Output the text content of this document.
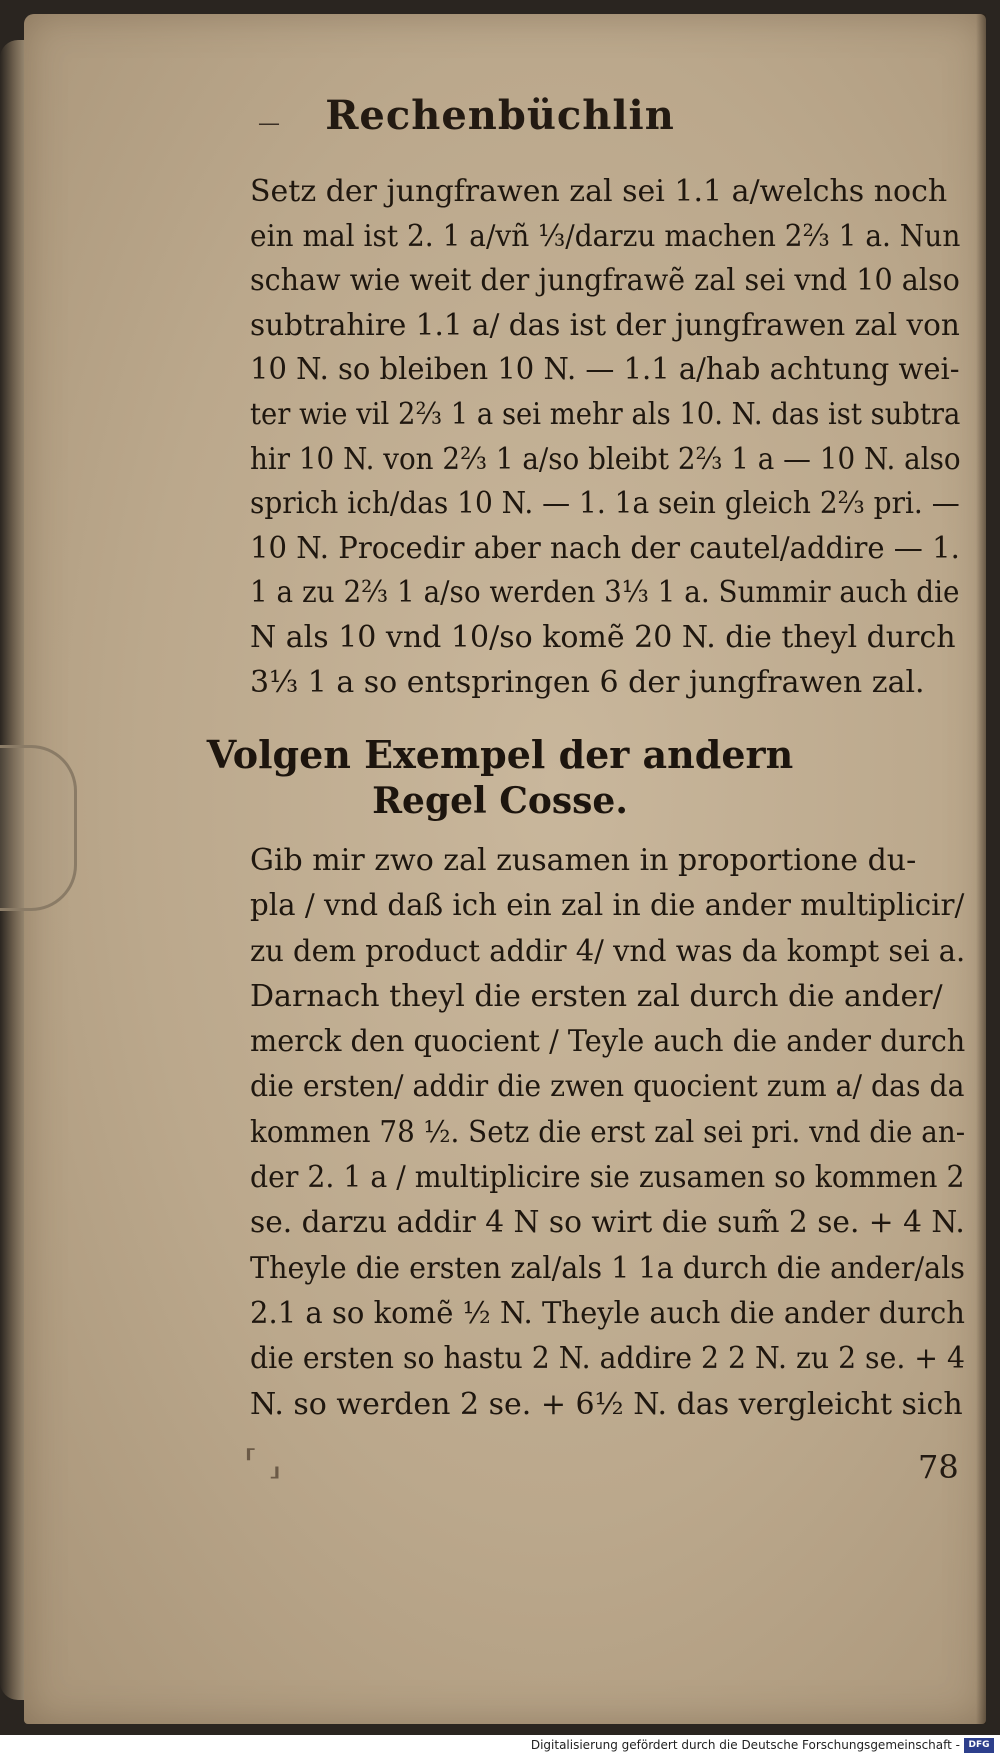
—	Rechenbüchlin
Setz der jungfrawen zal sei 1.1 a/welchs noch
ein mal ist 2. 1 a/vñ ⅓/darzu machen 2⅔ 1 a. Nun
schaw wie weit der jungfrawẽ zal sei vnd 10 also
subtrahire 1.1 a/ das ist der jungfrawen zal von
10 N. so bleiben 10 N. — 1.1 a/hab achtung wei-
ter wie vil 2⅔ 1 a sei mehr als 10. N. das ist subtra
hir 10 N. von 2⅔ 1 a/so bleibt 2⅔ 1 a — 10 N. also
sprich ich/das 10 N. — 1. 1a sein gleich 2⅔ pri. —
10 N. Procedir aber nach der cautel/addire — 1.
1 a zu 2⅔ 1 a/so werden 3⅓ 1 a. Summir auch die
N als 10 vnd 10/so komẽ 20 N. die theyl durch
3⅓ 1 a so entspringen 6 der jungfrawen zal.
Volgen Exempel der andern
Regel Cosse.
Gib mir zwo zal zusamen in proportione du-
pla / vnd daß ich ein zal in die ander multiplicir/
zu dem product addir 4/ vnd was da kompt sei a.
Darnach theyl die ersten zal durch die ander/
merck den quocient / Teyle auch die ander durch
die ersten/ addir die zwen quocient zum a/ das da
kommen 78 ½. Setz die erst zal sei pri. vnd die an-
der 2. 1 a / multiplicire sie zusamen so kommen 2
se. darzu addir 4 N so wirt die sum̃ 2 se. + 4 N.
Theyle die ersten zal/als 1 1a durch die ander/als
2.1 a so komẽ ½ N. Theyle auch die ander durch
die ersten so hastu 2 N. addire 2 2 N. zu 2 se. + 4
N. so werden 2 se. + 6½ N. das vergleicht sich
⸢ ⸥	78
Digitalisierung gefördert durch die Deutsche Forschungsgemeinschaft - DFG
